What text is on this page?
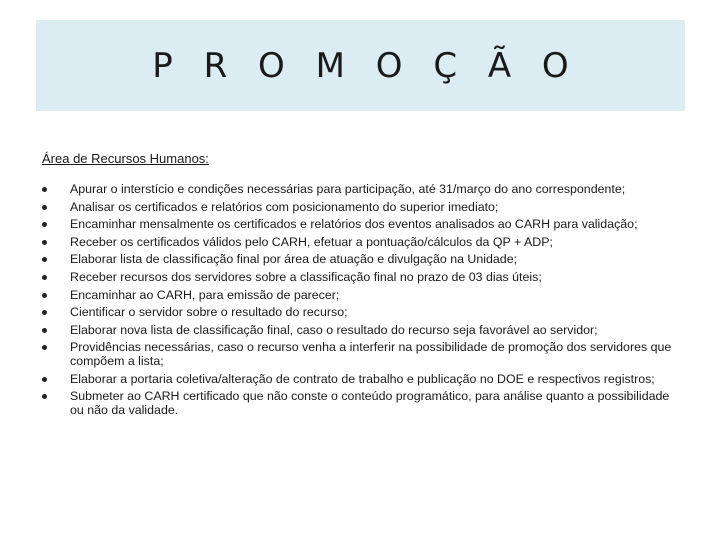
P R O M O Ç Ã O
Área de Recursos Humanos:
Apurar o interstício e condições necessárias para participação, até 31/março do ano correspondente;
Analisar os certificados e relatórios com posicionamento do superior imediato;
Encaminhar mensalmente os certificados e relatórios dos eventos analisados ao CARH para validação;
Receber os certificados válidos pelo CARH, efetuar a pontuação/cálculos da QP + ADP;
Elaborar lista de classificação final por área de atuação e divulgação na Unidade;
Receber recursos dos servidores sobre a classificação final no prazo de 03 dias úteis;
Encaminhar ao CARH, para emissão de parecer;
Cientificar o servidor sobre o resultado do recurso;
Elaborar nova lista de classificação final, caso o resultado do recurso seja favorável ao servidor;
Providências necessárias, caso o recurso venha a interferir na possibilidade de promoção dos servidores que compõem a lista;
Elaborar a portaria coletiva/alteração de contrato de trabalho e publicação no DOE e respectivos registros;
Submeter ao CARH certificado que não conste o conteúdo programático, para análise quanto a possibilidade ou não da validade.
